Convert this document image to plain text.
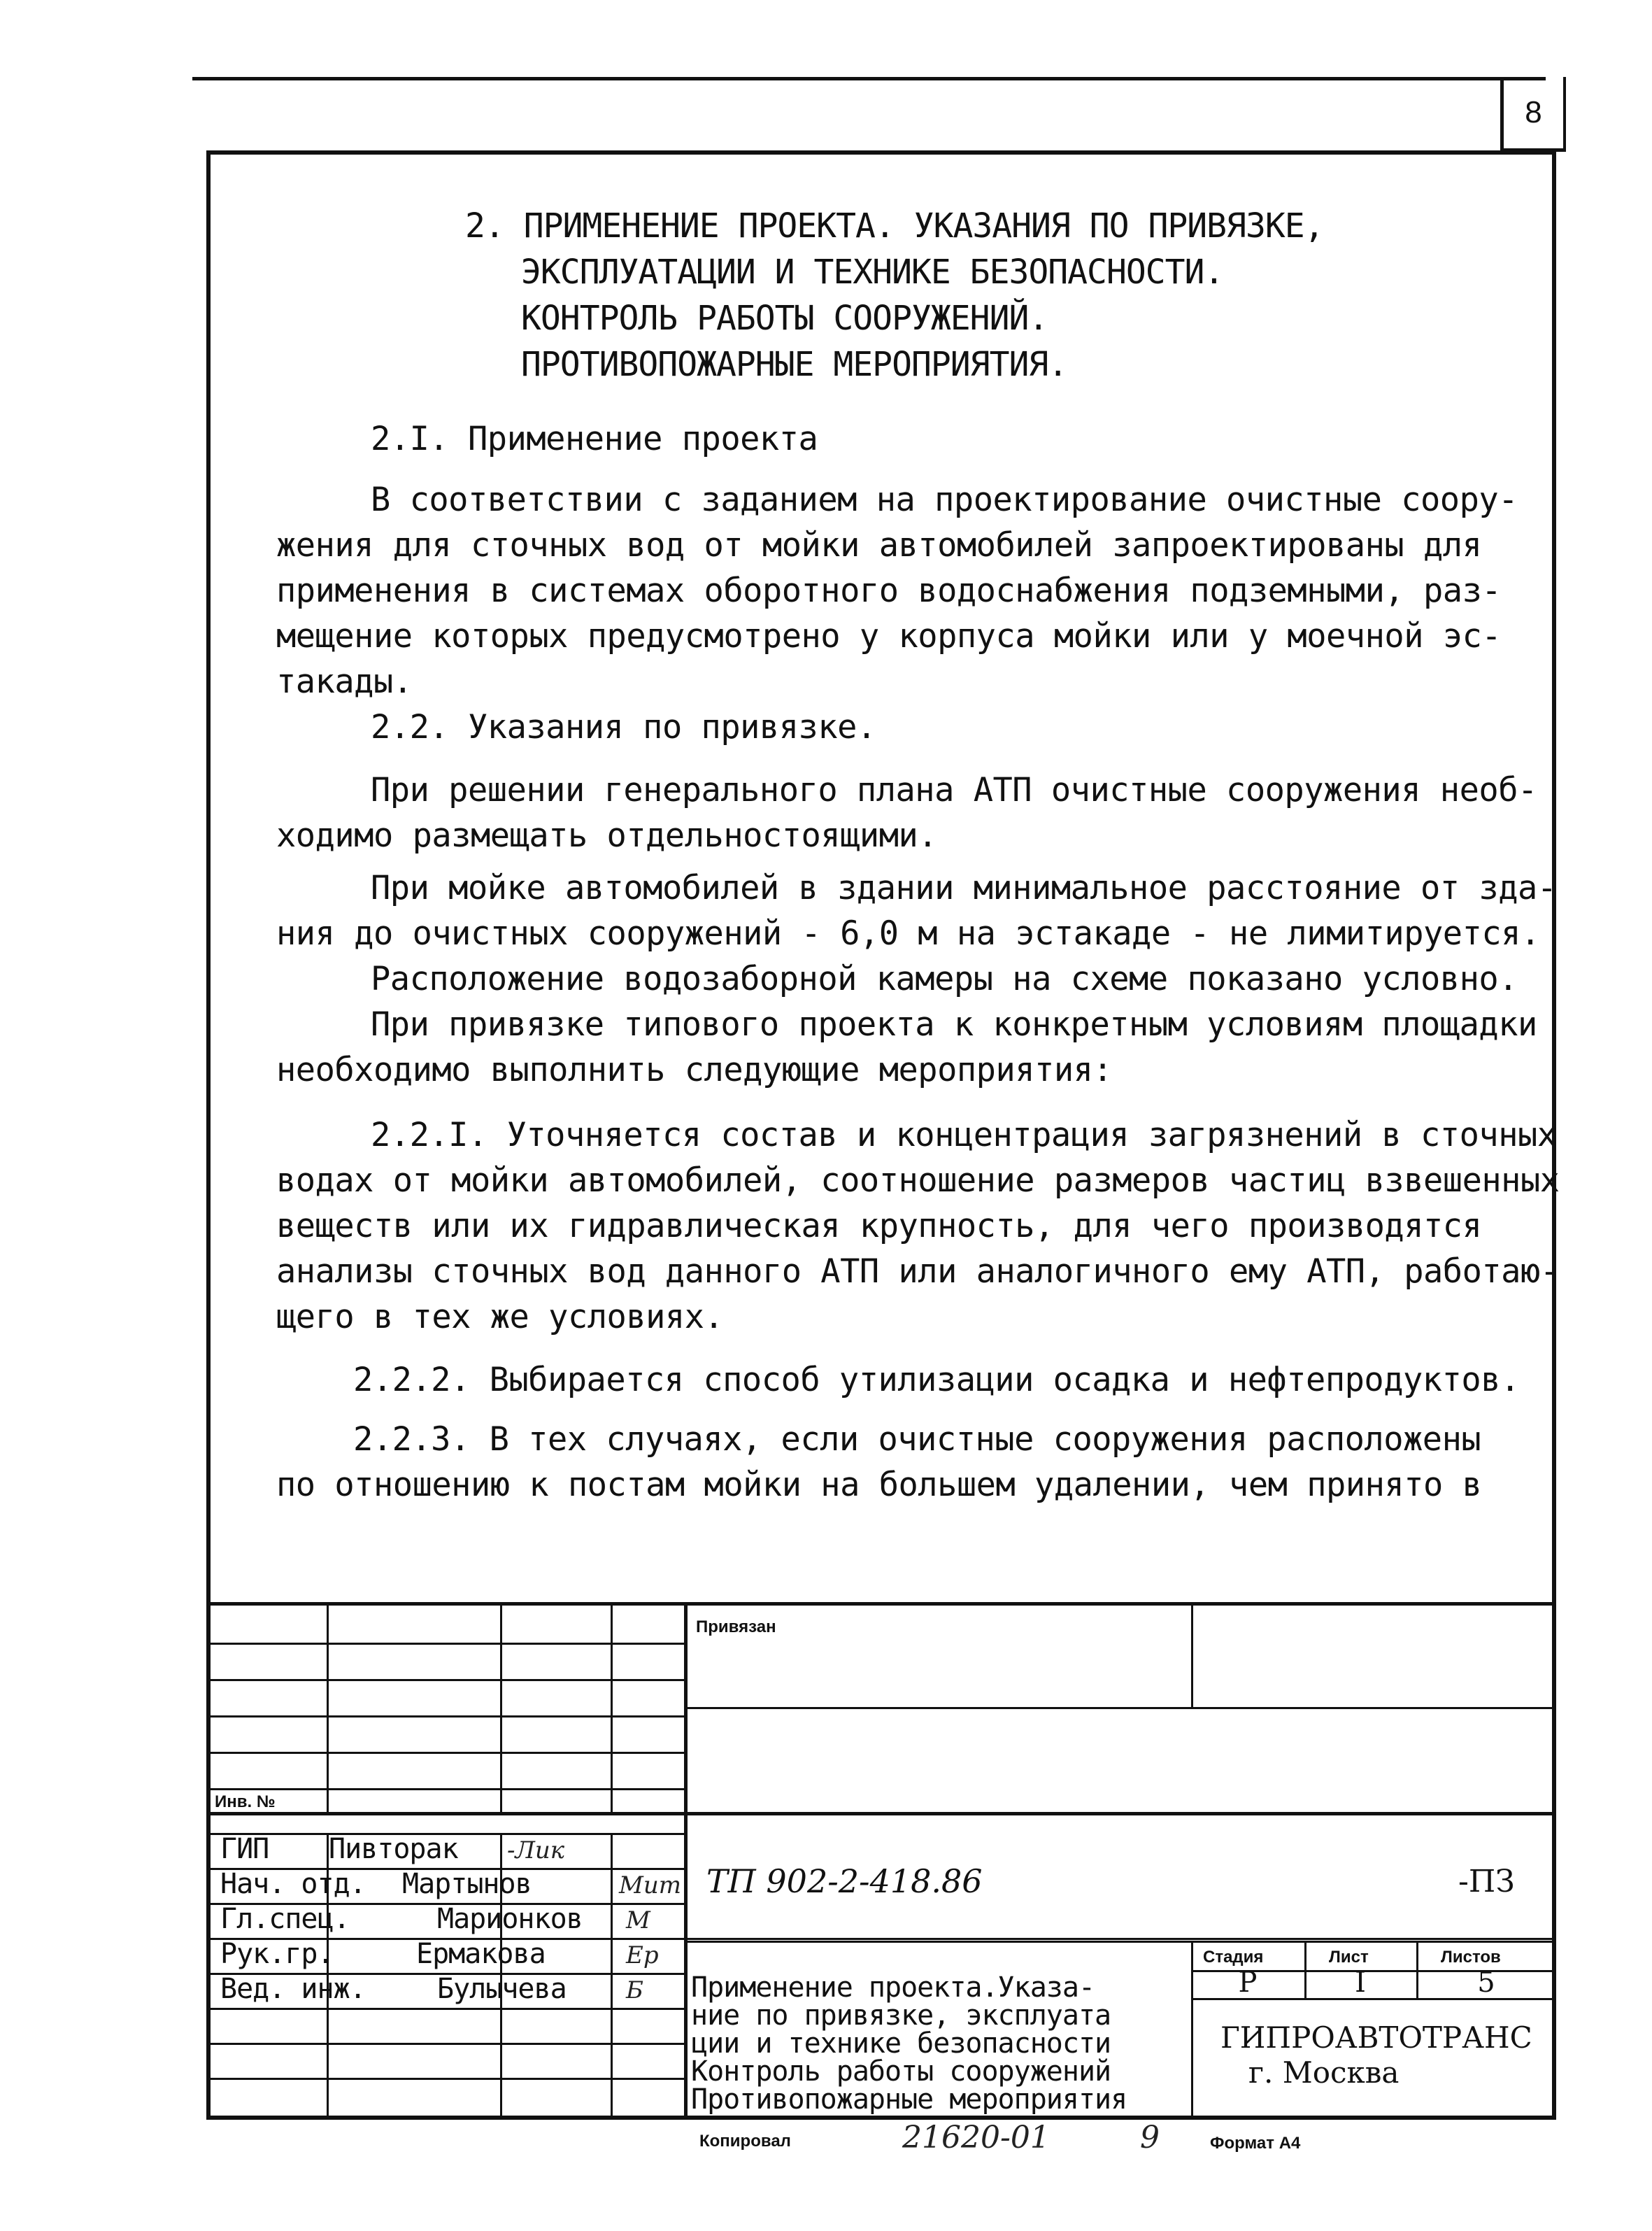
8
2. ПРИМЕНЕНИЕ ПРОЕКТА. УКАЗАНИЯ ПО ПРИВЯЗКЕ,
ЭКСПЛУАТАЦИИ И ТЕХНИКЕ БЕЗОПАСНОСТИ.
КОНТРОЛЬ РАБОТЫ СООРУЖЕНИЙ.
ПРОТИВОПОЖАРНЫЕ МЕРОПРИЯТИЯ.
2.I. Применение проекта
В соответствии с заданием на проектирование очистные соору-
жения для сточных вод от мойки автомобилей запроектированы для
применения в системах оборотного водоснабжения подземными, раз-
мещение которых предусмотрено у корпуса мойки или у моечной эс-
такады.
2.2. Указания по привязке.
При решении генерального плана АТП очистные сооружения необ-
ходимо размещать отдельностоящими.
При мойке автомобилей в здании минимальное расстояние от зда-
ния до очистных сооружений - 6,0 м на эстакаде - не лимитируется.
Расположение водозаборной камеры на схеме показано условно.
При привязке типового проекта к конкретным условиям площадки
необходимо выполнить следующие мероприятия:
2.2.I. Уточняется состав и концентрация загрязнений в сточных
водах от мойки автомобилей, соотношение размеров частиц взвешенных
веществ или их гидравлическая крупность, для чего производятся
анализы сточных вод данного АТП или аналогичного ему АТП, работаю-
щего в тех же условиях.
2.2.2. Выбирается способ утилизации осадка и нефтепродуктов.
2.2.3. В тех случаях, если очистные сооружения расположены
по отношению к постам мойки на большем удалении, чем принято в
Привязан
Инв. №
ГИП Пивторак -Лик
Нач. отд. Мартынов	Мит
Гл.спец.	Марионков М
Рук.гр.	Ермакова	Ер
Вед. инж.	Булычева	Б
ТП 902-2-418.86	-ПЗ
Стадия	Лист	Листов
Р	I	5
Применение проекта.Указа-
ние по привязке, эксплуата
ции и технике безопасности
Контроль работы сооружений
Противопожарные мероприятия
ГИПРОАВТОТРАНС
г. Москва
Копировал	21620-01	9	Формат А4
